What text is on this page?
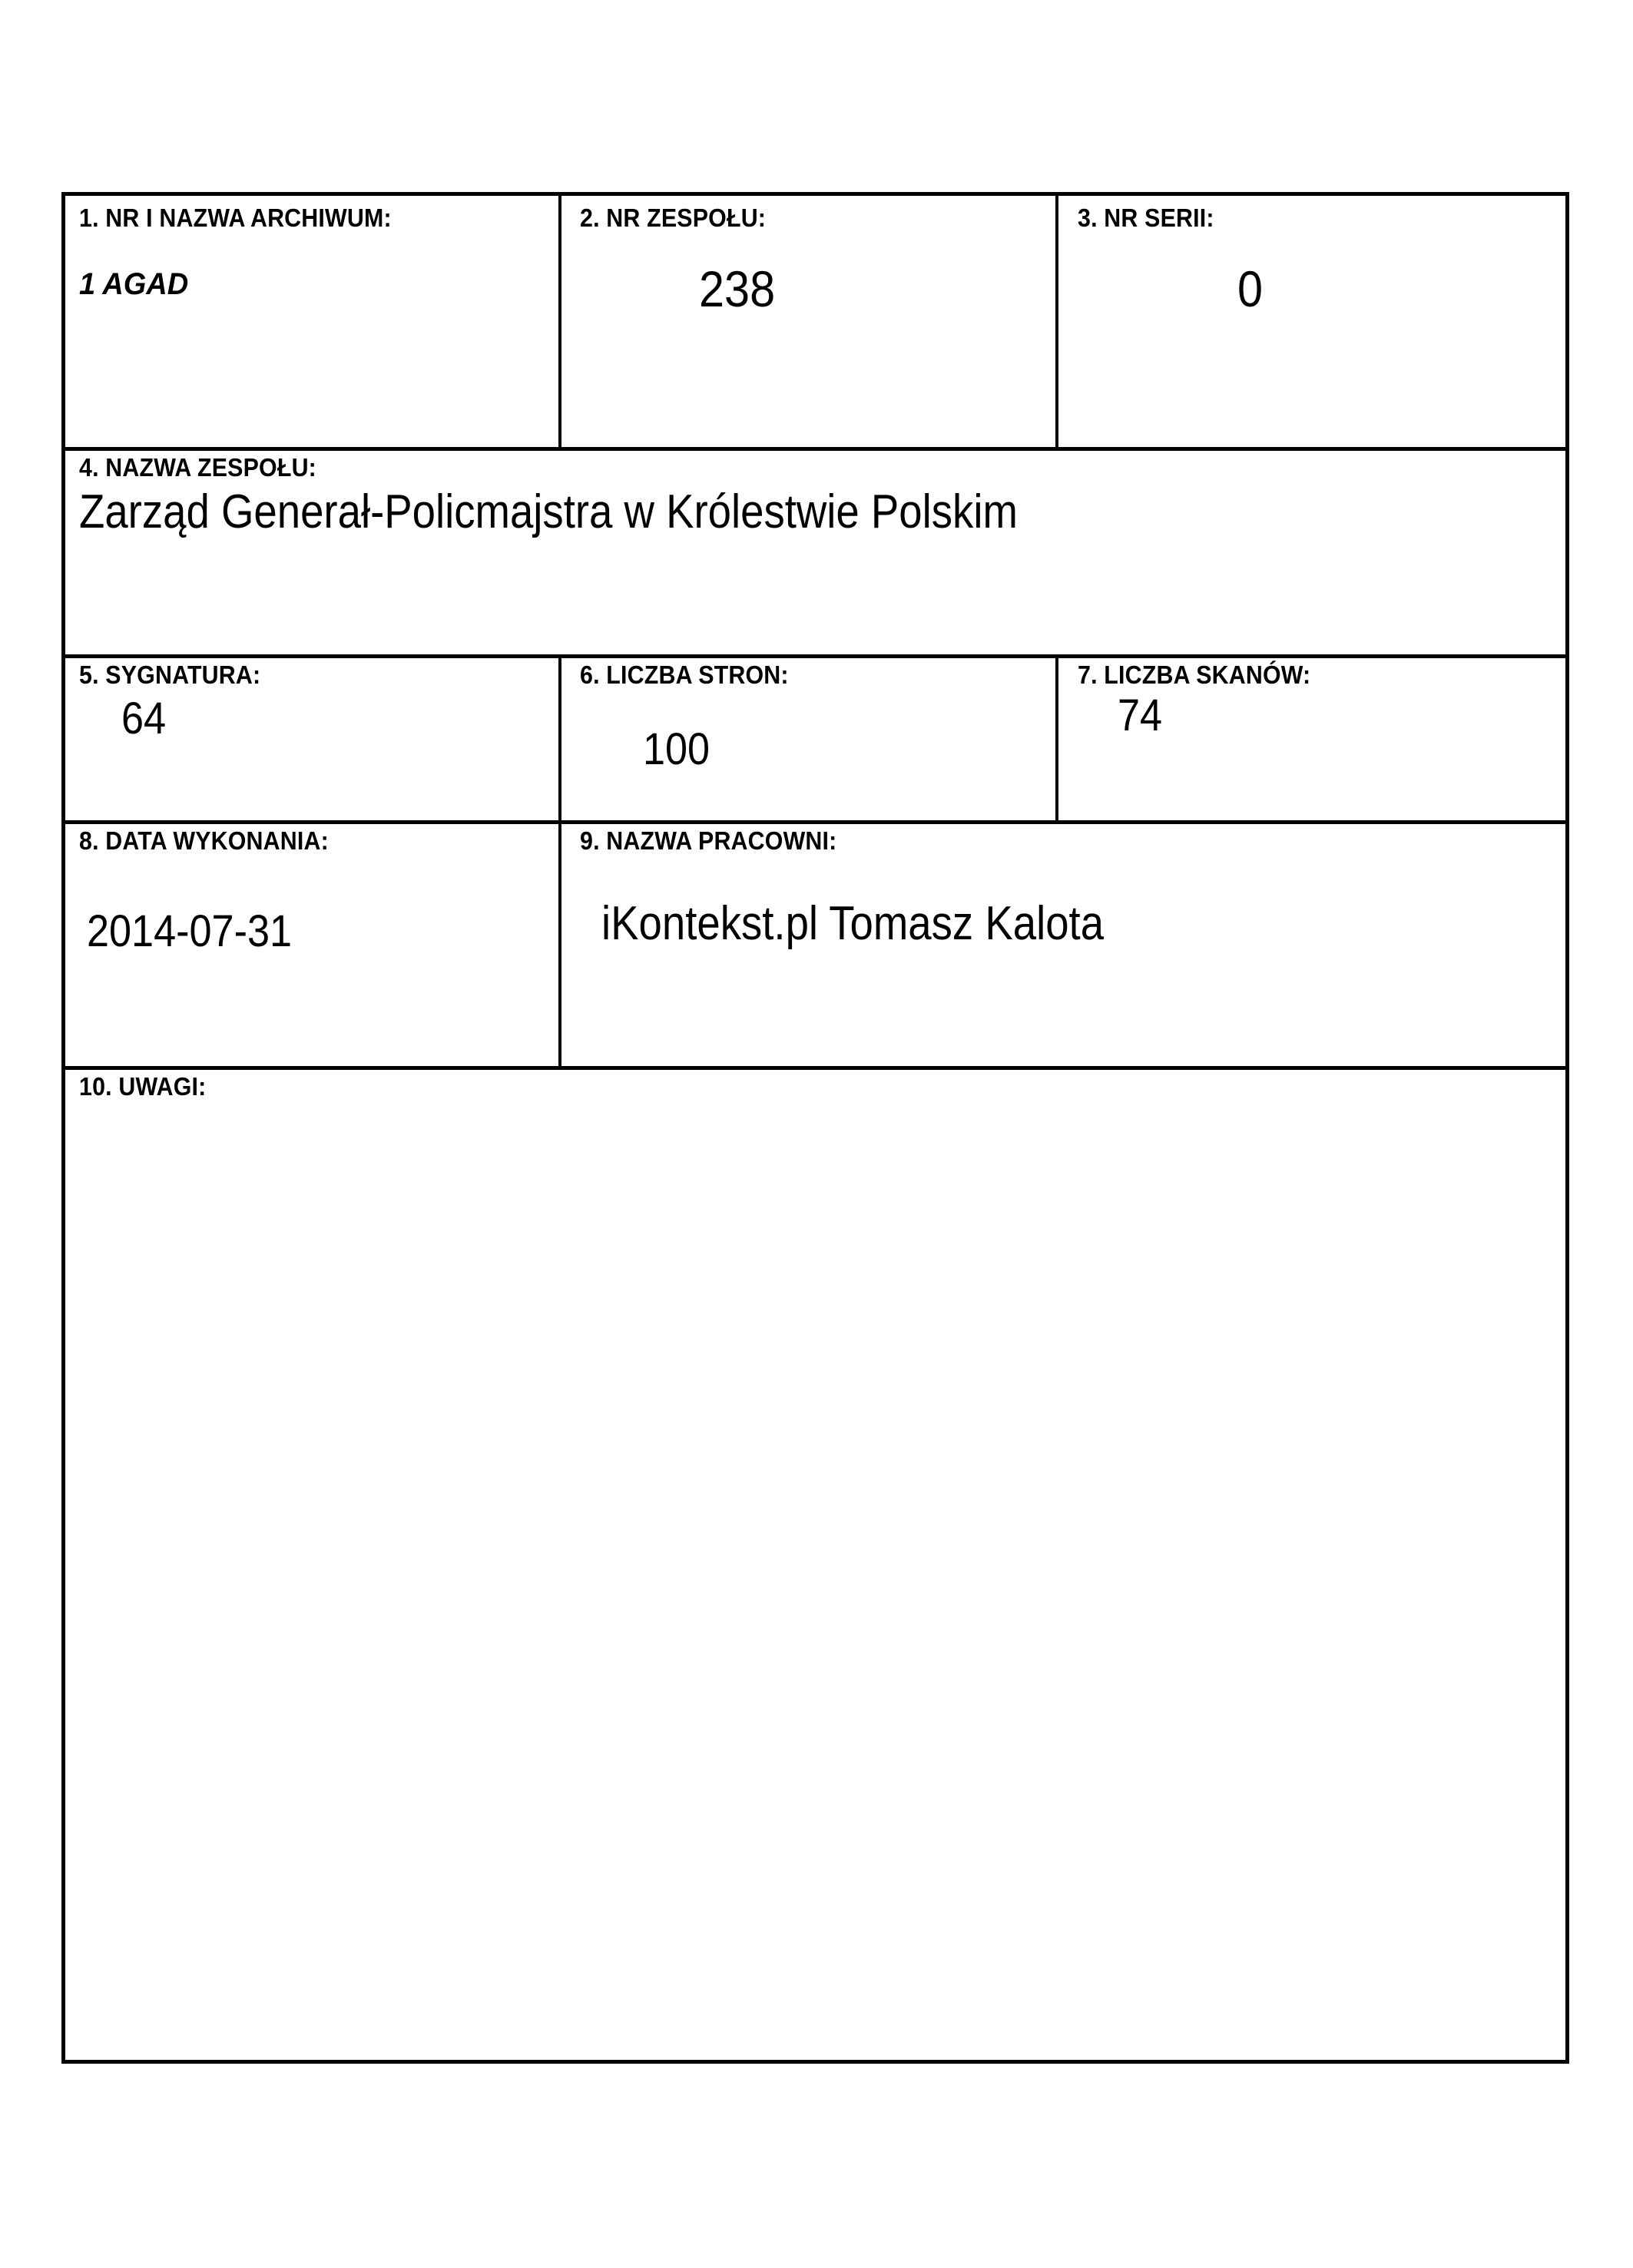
1. NR I NAZWA ARCHIWUM:
1 AGAD
2. NR ZESPOŁU:
238
3. NR SERII:
0
4. NAZWA ZESPOŁU:
Zarząd Generał-Policmajstra w Królestwie Polskim
5. SYGNATURA:
64
6. LICZBA STRON:
100
7. LICZBA SKANÓW:
74
8. DATA WYKONANIA:
2014-07-31
9. NAZWA PRACOWNI:
iKontekst.pl Tomasz Kalota
10. UWAGI:
